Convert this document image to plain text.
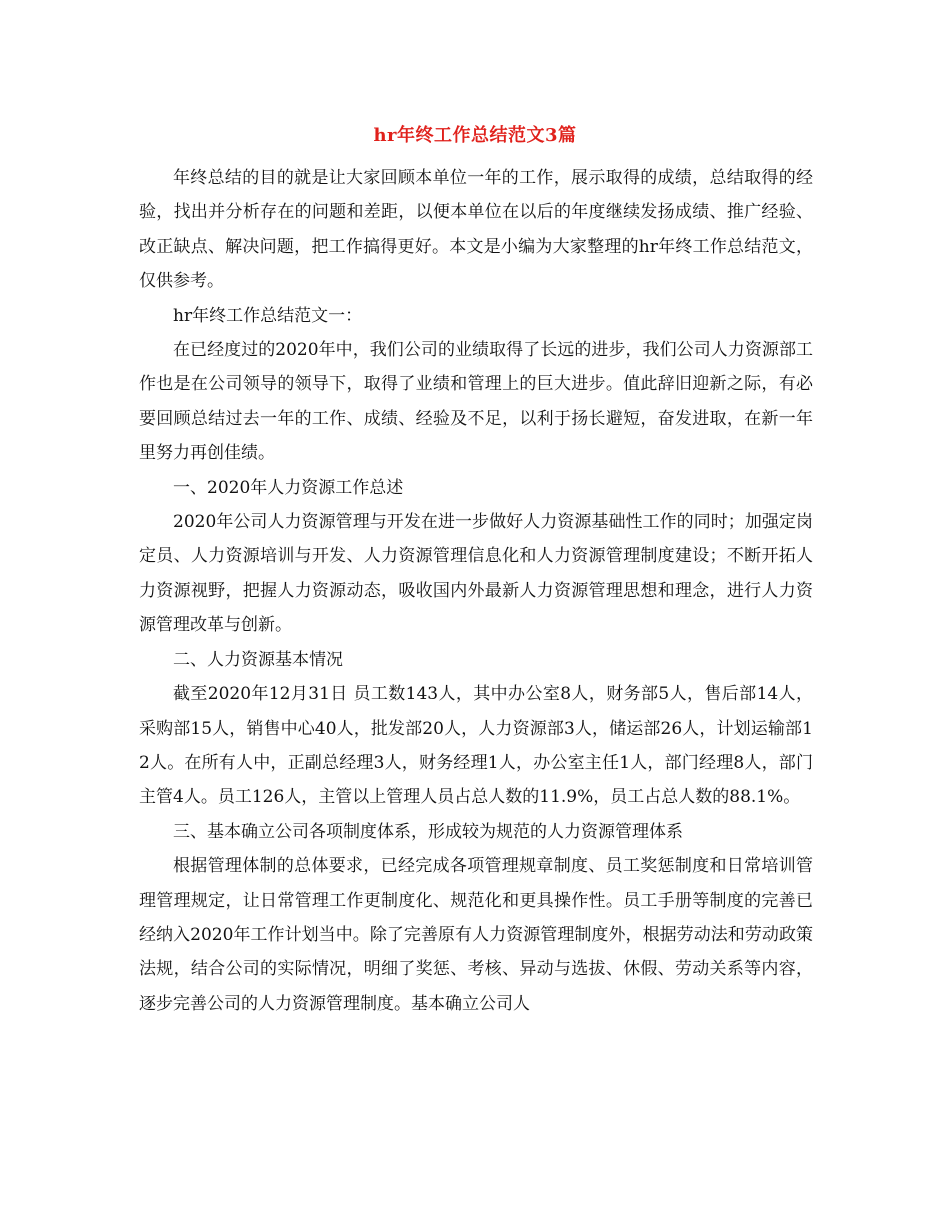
hr年终工作总结范文3篇

年终总结的目的就是让大家回顾本单位一年的工作，展示取得的成绩，总结取得的经验，找出并分析存在的问题和差距，以便本单位在以后的年度继续发扬成绩、推广经验、改正缺点、解决问题，把工作搞得更好。本文是小编为大家整理的hr年终工作总结范文，仅供参考。

hr年终工作总结范文一：

在已经度过的2020年中，我们公司的业绩取得了长远的进步，我们公司人力资源部工作也是在公司领导的领导下，取得了业绩和管理上的巨大进步。值此辞旧迎新之际，有必要回顾总结过去一年的工作、成绩、经验及不足，以利于扬长避短，奋发进取，在新一年里努力再创佳绩。

一、2020年人力资源工作总述

2020年公司人力资源管理与开发在进一步做好人力资源基础性工作的同时；加强定岗定员、人力资源培训与开发、人力资源管理信息化和人力资源管理制度建设；不断开拓人力资源视野，把握人力资源动态，吸收国内外最新人力资源管理思想和理念，进行人力资源管理改革与创新。

二、人力资源基本情况

截至2020年12月31日 员工数143人，其中办公室8人，财务部5人，售后部14人，采购部15人，销售中心40人，批发部20人，人力资源部3人，储运部26人，计划运输部12人。在所有人中，正副总经理3人，财务经理1人，办公室主任1人，部门经理8人，部门主管4人。员工126人，主管以上管理人员占总人数的11.9%，员工占总人数的88.1%。

三、基本确立公司各项制度体系，形成较为规范的人力资源管理体系

根据管理体制的总体要求，已经完成各项管理规章制度、员工奖惩制度和日常培训管理管理规定，让日常管理工作更制度化、规范化和更具操作性。员工手册等制度的完善已经纳入2020年工作计划当中。除了完善原有人力资源管理制度外，根据劳动法和劳动政策法规，结合公司的实际情况，明细了奖惩、考核、异动与选拔、休假、劳动关系等内容，逐步完善公司的人力资源管理制度。基本确立公司人
